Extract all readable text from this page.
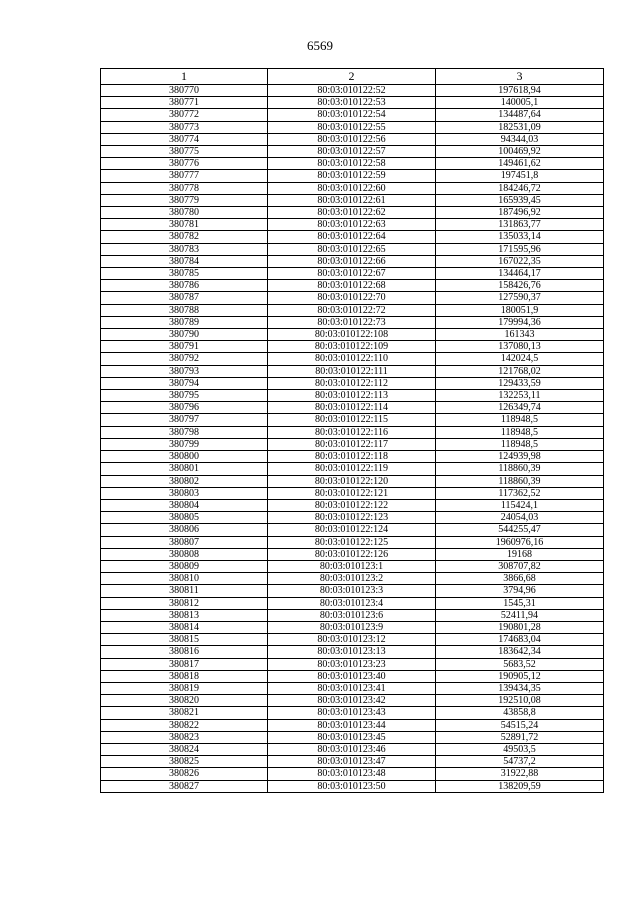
6569
1	2	3
380770	80:03:010122:52	197618,94
380771	80:03:010122:53	140005,1
380772	80:03:010122:54	134487,64
380773	80:03:010122:55	182531,09
380774	80:03:010122:56	94344,03
380775	80:03:010122:57	100469,92
380776	80:03:010122:58	149461,62
380777	80:03:010122:59	197451,8
380778	80:03:010122:60	184246,72
380779	80:03:010122:61	165939,45
380780	80:03:010122:62	187496,92
380781	80:03:010122:63	131863,77
380782	80:03:010122:64	135033,14
380783	80:03:010122:65	171595,96
380784	80:03:010122:66	167022,35
380785	80:03:010122:67	134464,17
380786	80:03:010122:68	158426,76
380787	80:03:010122:70	127590,37
380788	80:03:010122:72	180051,9
380789	80:03:010122:73	179994,36
380790	80:03:010122:108	161343
380791	80:03:010122:109	137080,13
380792	80:03:010122:110	142024,5
380793	80:03:010122:111	121768,02
380794	80:03:010122:112	129433,59
380795	80:03:010122:113	132253,11
380796	80:03:010122:114	126349,74
380797	80:03:010122:115	118948,5
380798	80:03:010122:116	118948,5
380799	80:03:010122:117	118948,5
380800	80:03:010122:118	124939,98
380801	80:03:010122:119	118860,39
380802	80:03:010122:120	118860,39
380803	80:03:010122:121	117362,52
380804	80:03:010122:122	115424,1
380805	80:03:010122:123	24054,03
380806	80:03:010122:124	544255,47
380807	80:03:010122:125	1960976,16
380808	80:03:010122:126	19168
380809	80:03:010123:1	308707,82
380810	80:03:010123:2	3866,68
380811	80:03:010123:3	3794,96
380812	80:03:010123:4	1545,31
380813	80:03:010123:6	52411,94
380814	80:03:010123:9	190801,28
380815	80:03:010123:12	174683,04
380816	80:03:010123:13	183642,34
380817	80:03:010123:23	5683,52
380818	80:03:010123:40	190905,12
380819	80:03:010123:41	139434,35
380820	80:03:010123:42	192510,08
380821	80:03:010123:43	43858,8
380822	80:03:010123:44	54515,24
380823	80:03:010123:45	52891,72
380824	80:03:010123:46	49503,5
380825	80:03:010123:47	54737,2
380826	80:03:010123:48	31922,88
380827	80:03:010123:50	138209,59
